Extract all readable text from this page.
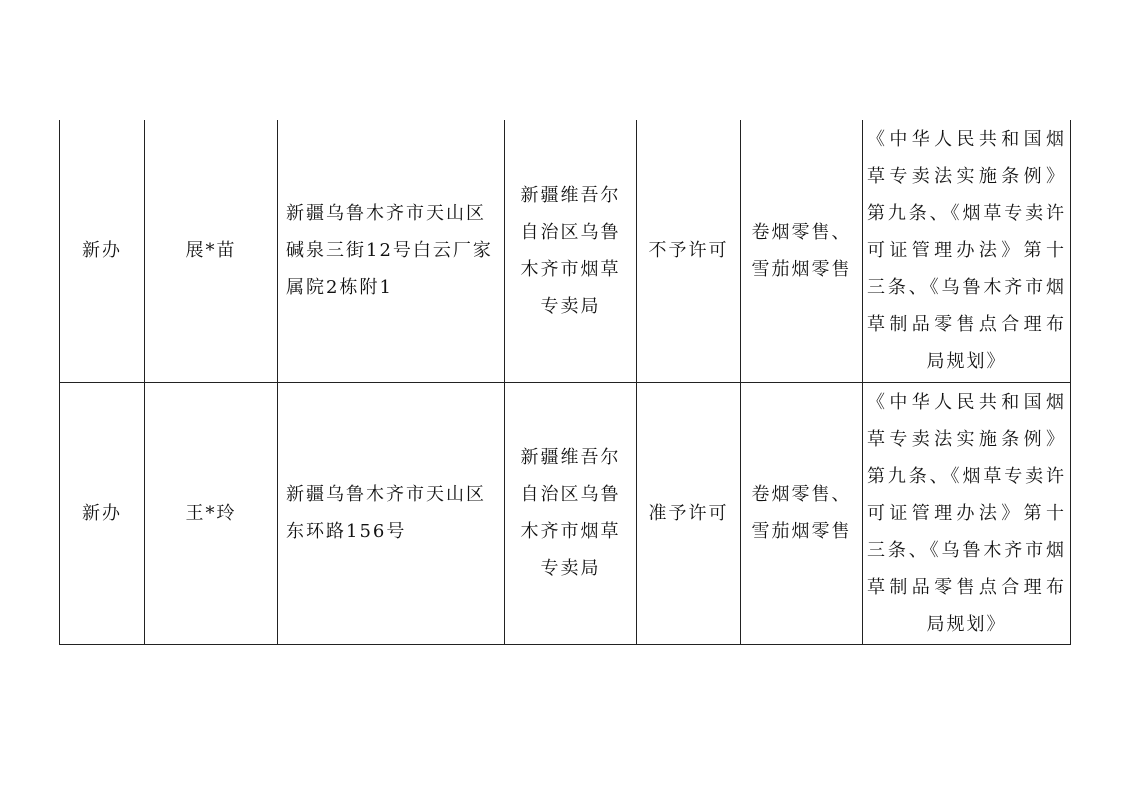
新办	展*苗	新疆乌鲁木齐市天山区碱泉三街12号白云厂家属院2栋附1	新疆维吾尔自治区乌鲁木齐市烟草专卖局	不予许可	卷烟零售、雪茄烟零售	《中华人民共和国烟草专卖法实施条例》第九条、《烟草专卖许可证管理办法》第十三条、《乌鲁木齐市烟草制品零售点合理布局规划》
新办	王*玲	新疆乌鲁木齐市天山区东环路156号	新疆维吾尔自治区乌鲁木齐市烟草专卖局	准予许可	卷烟零售、雪茄烟零售	《中华人民共和国烟草专卖法实施条例》第九条、《烟草专卖许可证管理办法》第十三条、《乌鲁木齐市烟草制品零售点合理布局规划》
